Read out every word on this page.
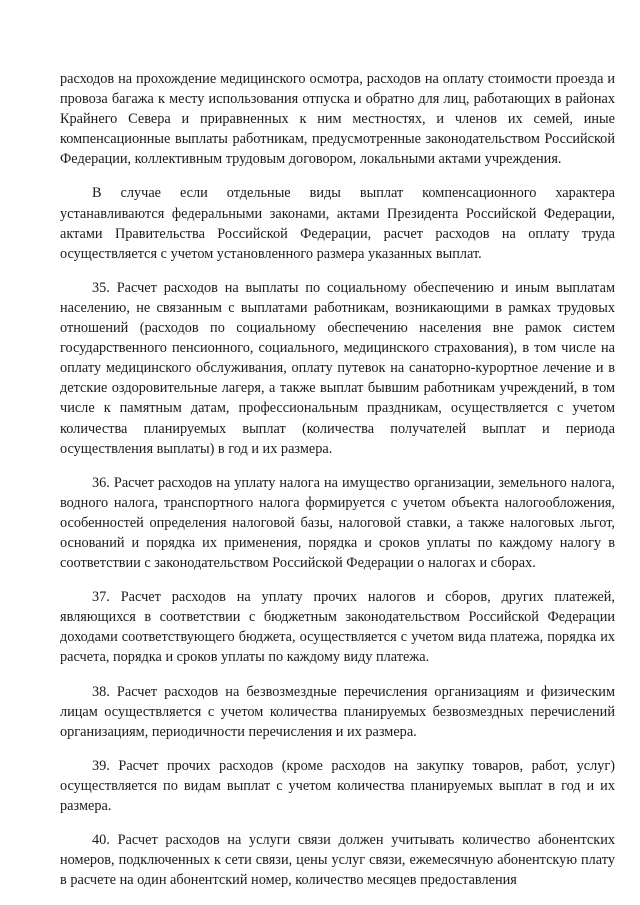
расходов на прохождение медицинского осмотра, расходов на оплату стоимости проезда и провоза багажа к месту использования отпуска и обратно для лиц, работающих в районах Крайнего Севера и приравненных к ним местностях, и членов их семей, иные компенсационные выплаты работникам, предусмотренные законодательством Российской Федерации, коллективным трудовым договором, локальными актами учреждения.

В случае если отдельные виды выплат компенсационного характера устанавливаются федеральными законами, актами Президента Российской Федерации, актами Правительства Российской Федерации, расчет расходов на оплату труда осуществляется с учетом установленного размера указанных выплат.

35. Расчет расходов на выплаты по социальному обеспечению и иным выплатам населению, не связанным с выплатами работникам, возникающими в рамках трудовых отношений (расходов по социальному обеспечению населения вне рамок систем государственного пенсионного, социального, медицинского страхования), в том числе на оплату медицинского обслуживания, оплату путевок на санаторно-курортное лечение и в детские оздоровительные лагеря, а также выплат бывшим работникам учреждений, в том числе к памятным датам, профессиональным праздникам, осуществляется с учетом количества планируемых выплат (количества получателей выплат и периода осуществления выплаты) в год и их размера.

36. Расчет расходов на уплату налога на имущество организации, земельного налога, водного налога, транспортного налога формируется с учетом объекта налогообложения, особенностей определения налоговой базы, налоговой ставки, а также налоговых льгот, оснований и порядка их применения, порядка и сроков уплаты по каждому налогу в соответствии с законодательством Российской Федерации о налогах и сборах.

37. Расчет расходов на уплату прочих налогов и сборов, других платежей, являющихся в соответствии с бюджетным законодательством Российской Федерации доходами соответствующего бюджета, осуществляется с учетом вида платежа, порядка их расчета, порядка и сроков уплаты по каждому виду платежа.

38. Расчет расходов на безвозмездные перечисления организациям и физическим лицам осуществляется с учетом количества планируемых безвозмездных перечислений организациям, периодичности перечисления и их размера.

39. Расчет прочих расходов (кроме расходов на закупку товаров, работ, услуг) осуществляется по видам выплат с учетом количества планируемых выплат в год и их размера.

40. Расчет расходов на услуги связи должен учитывать количество абонентских номеров, подключенных к сети связи, цены услуг связи, ежемесячную абонентскую плату в расчете на один абонентский номер, количество месяцев предоставления
